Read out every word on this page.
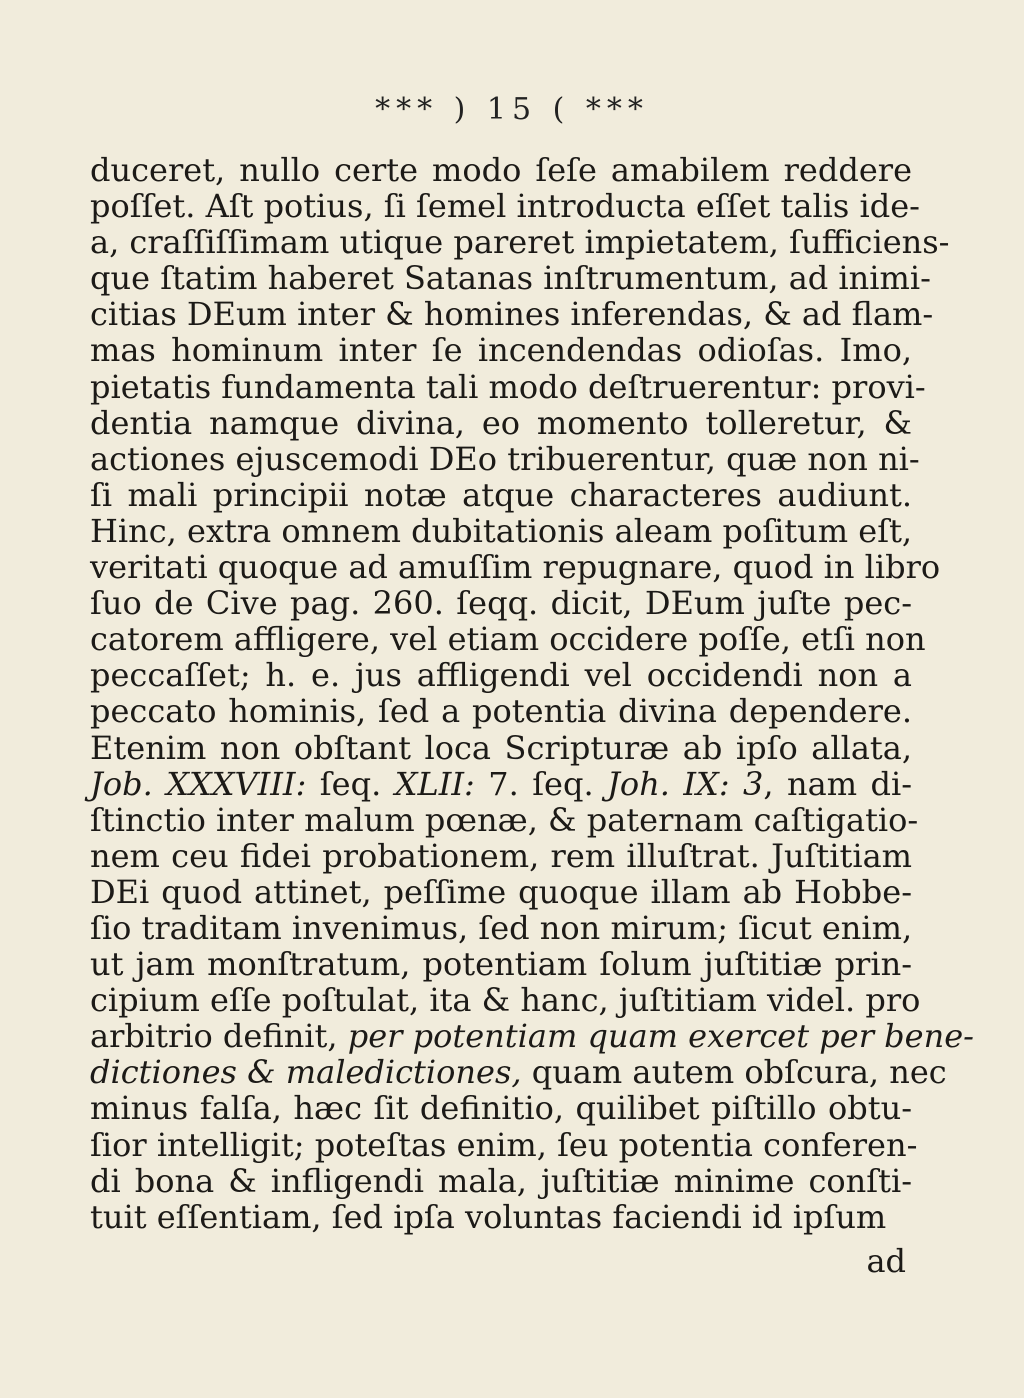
*** ) 15 ( ***
duceret, nullo certe modo ſeſe amabilem reddere
poſſet. Aſt potius, ſi ſemel introducta eſſet talis ide-
a, craſſiſſimam utique pareret impietatem, ſufficiens-
que ſtatim haberet Satanas inſtrumentum, ad inimi-
citias DEum inter & homines inferendas, & ad flam-
mas hominum inter ſe incendendas odioſas. Imo,
pietatis fundamenta tali modo deſtruerentur: provi-
dentia namque divina, eo momento tolleretur, &
actiones ejuscemodi DEo tribuerentur, quæ non ni-
ſi mali principii notæ atque characteres audiunt.
Hinc, extra omnem dubitationis aleam poſitum eſt,
veritati quoque ad amuſſim repugnare, quod in libro
ſuo de Cive pag. 260. ſeqq. dicit, DEum juſte pec-
catorem affligere, vel etiam occidere poſſe, etſi non
peccaſſet; h. e. jus affligendi vel occidendi non a
peccato hominis, ſed a potentia divina dependere.
Etenim non obſtant loca Scripturæ ab ipſo allata,
Job. XXXVIII: ſeq. XLII: 7. ſeq. Joh. IX: 3, nam di-
ſtinctio inter malum pœnæ, & paternam caſtigatio-
nem ceu fidei probationem, rem illuſtrat. Juſtitiam
DEi quod attinet, peſſime quoque illam ab Hobbe-
ſio traditam invenimus, ſed non mirum; ſicut enim,
ut jam monſtratum, potentiam ſolum juſtitiæ prin-
cipium eſſe poſtulat, ita & hanc, juſtitiam videl. pro
arbitrio definit, per potentiam quam exercet per bene-
dictiones & maledictiones, quam autem obſcura, nec
minus falſa, hæc ſit definitio, quilibet piſtillo obtu-
ſior intelligit; poteſtas enim, ſeu potentia conferen-
di bona & infligendi mala, juſtitiæ minime conſti-
tuit eſſentiam, ſed ipſa voluntas faciendi id ipſum
ad
